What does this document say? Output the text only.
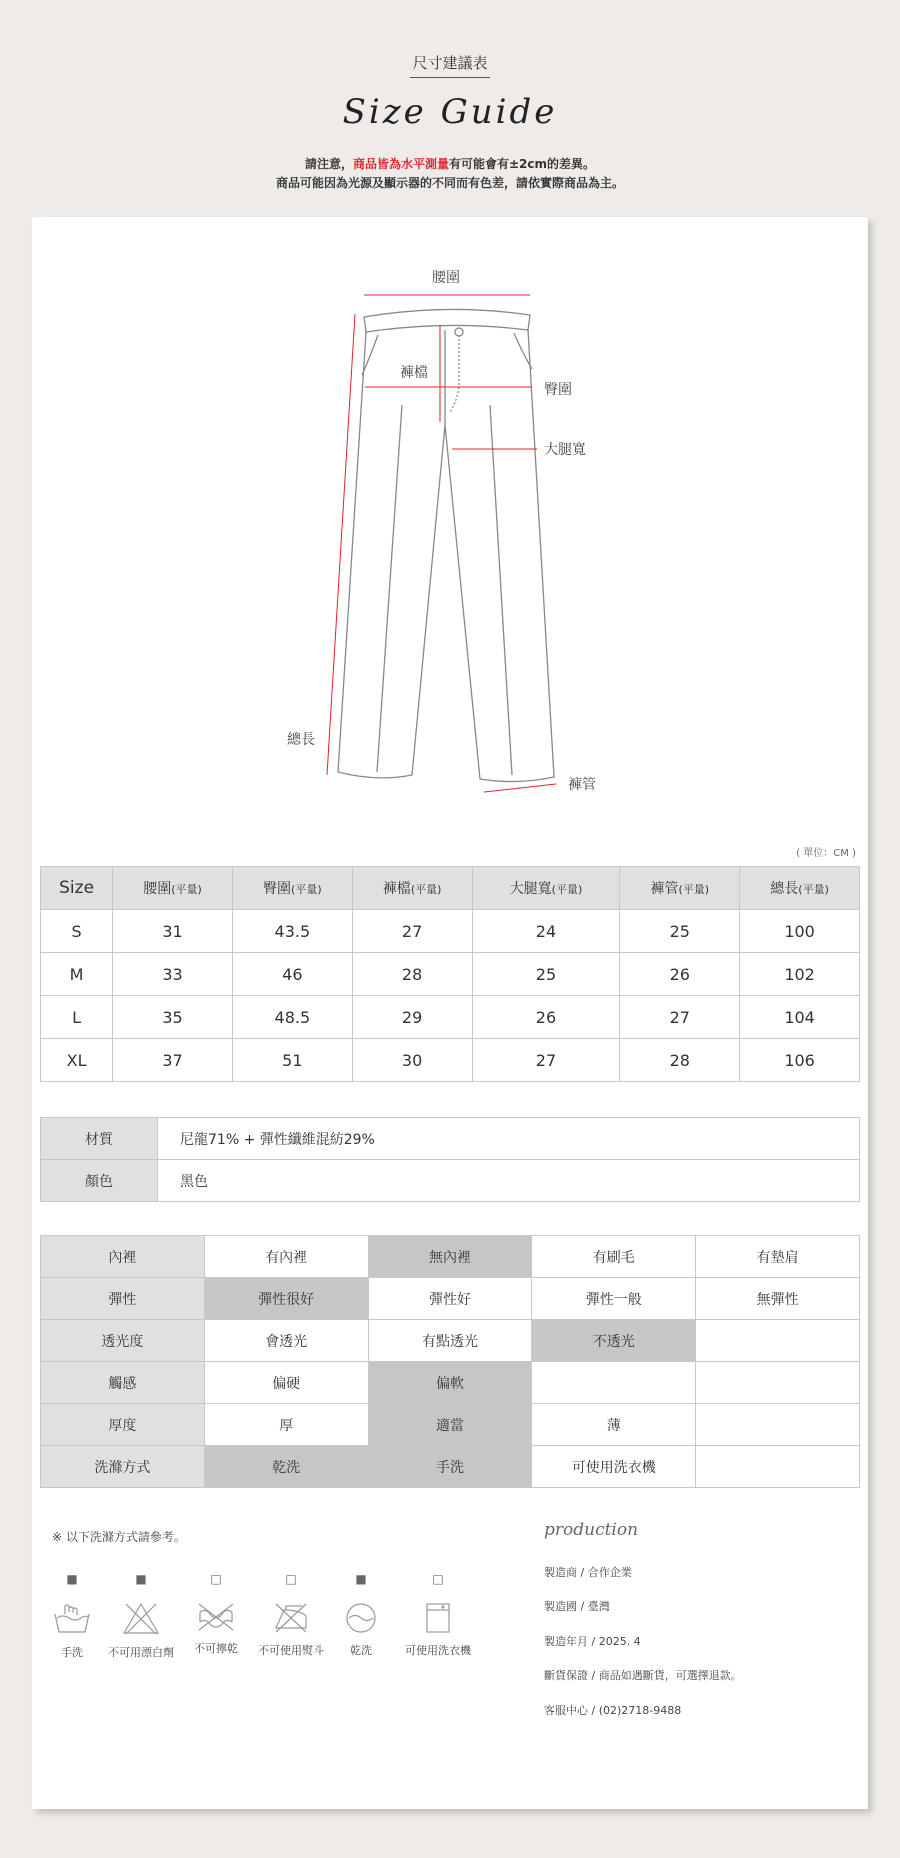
尺寸建議表
Size Guide
請注意，商品皆為水平測量有可能會有±2cm的差異。
商品可能因為光源及顯示器的不同而有色差，請依實際商品為主。
腰圍
褲檔
臀圍
大腿寬
總長
褲管
( 單位：CM )
Size	腰圍(平量)	臀圍(平量)	褲檔(平量)	大腿寬(平量)	褲管(平量)	總長(平量)
S	31	43.5	27	24	25	100
M	33	46	28	25	26	102
L	35	48.5	29	26	27	104
XL	37	51	30	27	28	106
材質	尼龍71% + 彈性纖維混紡29%
顏色	黑色
內裡	有內裡	無內裡	有刷毛	有墊肩
彈性	彈性很好	彈性好	彈性一般	無彈性
透光度	會透光	有點透光	不透光	
觸感	偏硬	偏軟		
厚度	厚	適當	薄	
洗滌方式	乾洗	手洗	可使用洗衣機	
※ 以下洗滌方式請參考。
■
手洗
■
不可用漂白劑
□
不可擰乾
□
不可使用熨斗
■
乾洗
□
可使用洗衣機
production
製造商 / 合作企業
製造國 / 臺灣
製造年月 / 2025. 4
斷貨保證 / 商品如遇斷貨，可選擇退款。
客服中心 / (02)2718-9488
